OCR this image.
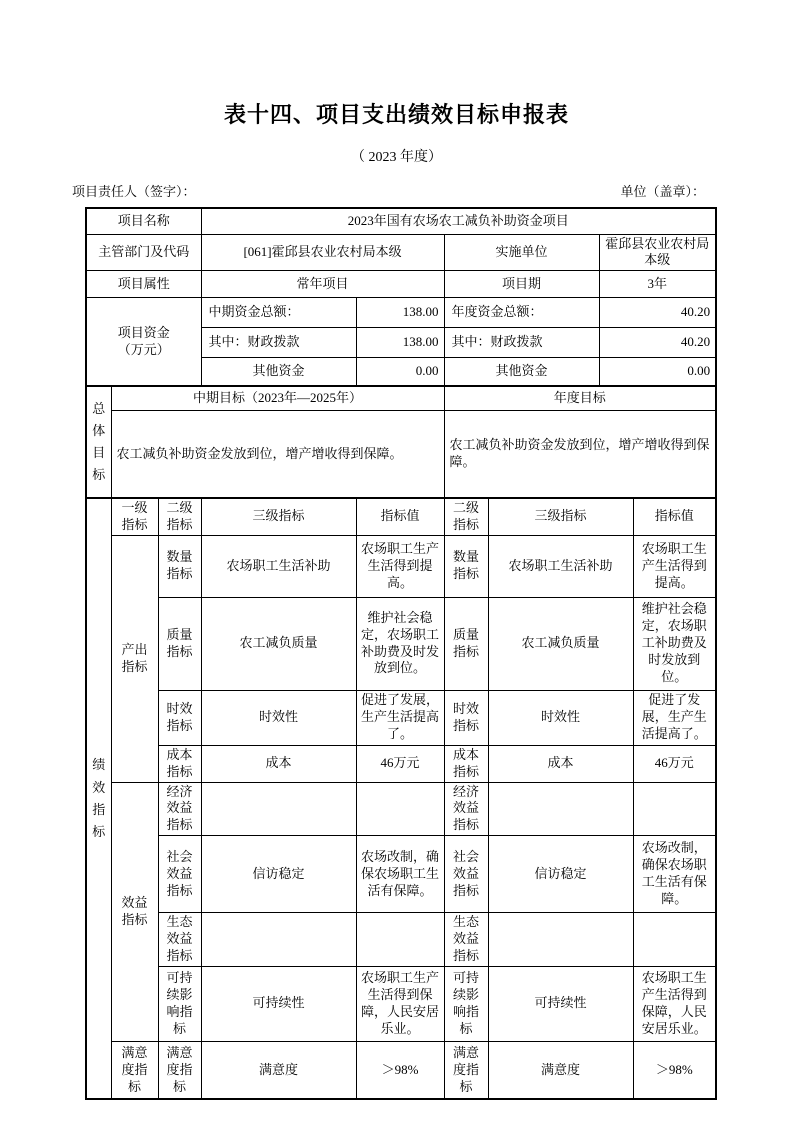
表十四、项目支出绩效目标申报表
（ 2023 年度）
项目责任人（签字）：	单位（盖章）：
项目名称			2023年国有农场农工减负补助资金项目					
主管部门及代码			[061]霍邱县农业农村局本级		实施单位		霍邱县农业农村局本级	
项目属性			常年项目		项目期		3年	

项目资金（万元）			中期资金总额：	138.00	年度资金总额：		40.20	
			其中：财政拨款	138.00	其中：财政拨款		40.20	
			其他资金	0.00	其他资金		0.00	

总体目标	中期目标（2023年—2025年）				年度目标			
	农工减负补助资金发放到位，增产增收得到保障。				农工减负补助资金发放到位，增产增收得到保障。			

绩效指标	一级指标	二级指标	三级指标	指标值	二级指标	三级指标		指标值

	产出指标	数量指标	农场职工生活补助	农场职工生产生活得到提高。	数量指标	农场职工生活补助		农场职工生产生活得到提高。
		质量指标	农工减负质量	维护社会稳定，农场职工补助费及时发放到位。	质量指标	农工减负质量		维护社会稳定，农场职工补助费及时发放到位。
		时效指标	时效性	促进了发展，生产生活提高了。	时效指标	时效性		促进了发展，生产生活提高了。
		成本指标	成本	46万元	成本指标	成本		46万元

	效益指标	经济效益指标			经济效益指标			
		社会效益指标	信访稳定	农场改制，确保农场职工生活有保障。	社会效益指标	信访稳定		农场改制，确保农场职工生活有保障。
		生态效益指标			生态效益指标			
		可持续影响指标	可持续性	农场职工生产生活得到保障，人民安居乐业。	可持续影响指标	可持续性		农场职工生产生活得到保障，人民安居乐业。

	满意度指标	满意度指标	满意度	＞98%	满意度指标	满意度		＞98%
